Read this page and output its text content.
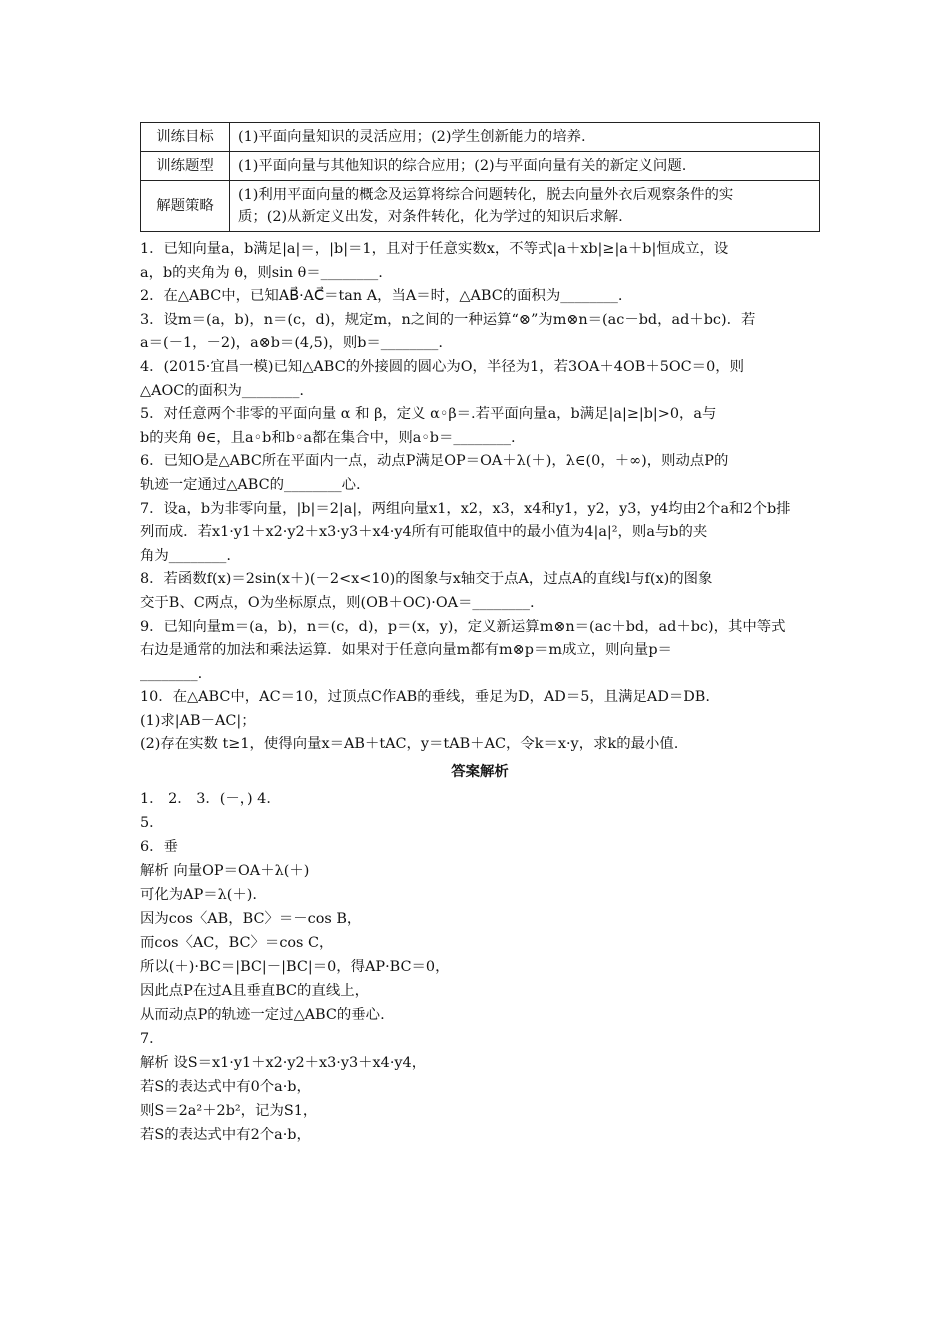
训练目标	(1)平面向量知识的灵活应用；(2)学生创新能力的培养.
训练题型	(1)平面向量与其他知识的综合应用；(2)与平面向量有关的新定义问题.
解题策略	(1)利用平面向量的概念及运算将综合问题转化，脱去向量外衣后观察条件的实
质；(2)从新定义出发，对条件转化，化为学过的知识后求解.
1．已知向量a，b满足|a|＝，|b|＝1，且对于任意实数x，不等式|a＋xb|≥|a＋b|恒成立，设
a，b的夹角为 θ，则sin θ＝________.
2．在△ABC中，已知AB⃗·AC⃗＝tan A，当A＝时，△ABC的面积为________.
3．设m＝(a，b)，n＝(c，d)，规定m，n之间的一种运算“⊗”为m⊗n＝(ac－bd，ad＋bc)．若
a＝(－1，－2)，a⊗b＝(4,5)，则b＝________.
4．(2015·宜昌一模)已知△ABC的外接圆的圆心为O，半径为1，若3OA＋4OB＋5OC＝0，则
△AOC的面积为________.
5．对任意两个非零的平面向量 α 和 β，定义 α◦β＝.若平面向量a，b满足|a|≥|b|>0，a与
b的夹角 θ∈，且a◦b和b◦a都在集合中，则a◦b＝________.
6．已知O是△ABC所在平面内一点，动点P满足OP＝OA＋λ(＋)，λ∈(0，＋∞)，则动点P的
轨迹一定通过△ABC的________心.
7．设a，b为非零向量，|b|＝2|a|，两组向量x1，x2，x3，x4和y1，y2，y3，y4均由2个a和2个b排
列而成．若x1·y1＋x2·y2＋x3·y3＋x4·y4所有可能取值中的最小值为4|a|²，则a与b的夹
角为________.
8．若函数f(x)＝2sin(x＋)(－2<x<10)的图象与x轴交于点A，过点A的直线l与f(x)的图象
交于B、C两点，O为坐标原点，则(OB＋OC)·OA＝________.
9．已知向量m＝(a，b)，n＝(c，d)，p＝(x，y)，定义新运算m⊗n＝(ac＋bd，ad＋bc)，其中等式
右边是通常的加法和乘法运算．如果对于任意向量m都有m⊗p＝m成立，则向量p＝
________.
10．在△ABC中，AC＝10，过顶点C作AB的垂线，垂足为D，AD＝5，且满足AD＝DB.
(1)求|AB－AC|；
(2)存在实数 t≥1，使得向量x＝AB＋tAC，y＝tAB＋AC，令k＝x·y，求k的最小值.
答案解析
1． 2． 3．(－，) 4．
5．
6．垂
解析 向量OP＝OA＋λ(＋)
可化为AP＝λ(＋).
因为cos〈AB，BC〉＝－cos B，
而cos〈AC，BC〉＝cos C，
所以(＋)·BC＝|BC|－|BC|＝0，得AP·BC＝0，
因此点P在过A且垂直BC的直线上，
从而动点P的轨迹一定过△ABC的垂心.
7．
解析 设S＝x1·y1＋x2·y2＋x3·y3＋x4·y4，
若S的表达式中有0个a·b，
则S＝2a²＋2b²，记为S1，
若S的表达式中有2个a·b，
